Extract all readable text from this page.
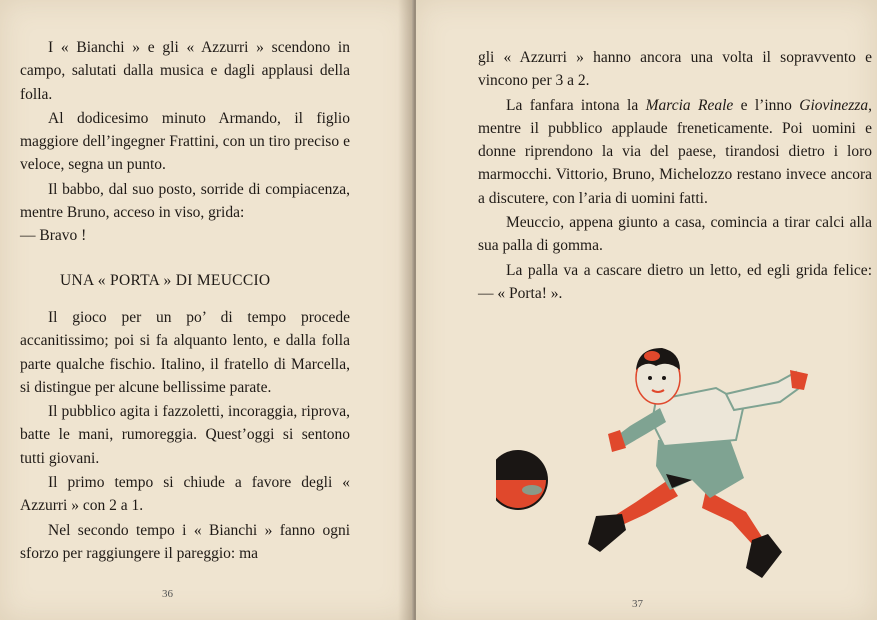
I « Bianchi » e gli « Azzurri » scendono in campo, salutati dalla musica e dagli applausi della folla.

Al dodicesimo minuto Armando, il figlio maggiore dell’ingegner Frattini, con un tiro preciso e veloce, segna un punto.

Il babbo, dal suo posto, sorride di compiacenza, mentre Bruno, acceso in viso, grida:

— Bravo !

UNA « PORTA » DI MEUCCIO

Il gioco per un po’ di tempo procede accanitissimo; poi si fa alquanto lento, e dalla folla parte qualche fischio. Italino, il fratello di Marcella, si distingue per alcune bellissime parate.

Il pubblico agita i fazzoletti, incoraggia, riprova, batte le mani, rumoreggia. Quest’oggi si sentono tutti giovani.

Il primo tempo si chiude a favore degli « Azzurri » con 2 a 1.

Nel secondo tempo i « Bianchi » fanno ogni sforzo per raggiungere il pareggio: ma

36

gli « Azzurri » hanno ancora una volta il sopravvento e vincono per 3 a 2.

La fanfara intona la Marcia Reale e l’inno Giovinezza, mentre il pubblico applaude freneticamente. Poi uomini e donne riprendono la via del paese, tirandosi dietro i loro marmocchi. Vittorio, Bruno, Michelozzo restano invece ancora a discutere, con l’aria di uomini fatti.

Meuccio, appena giunto a casa, comincia a tirar calci alla sua palla di gomma.

La palla va a cascare dietro un letto, ed egli grida felice: — « Porta! ».

37
